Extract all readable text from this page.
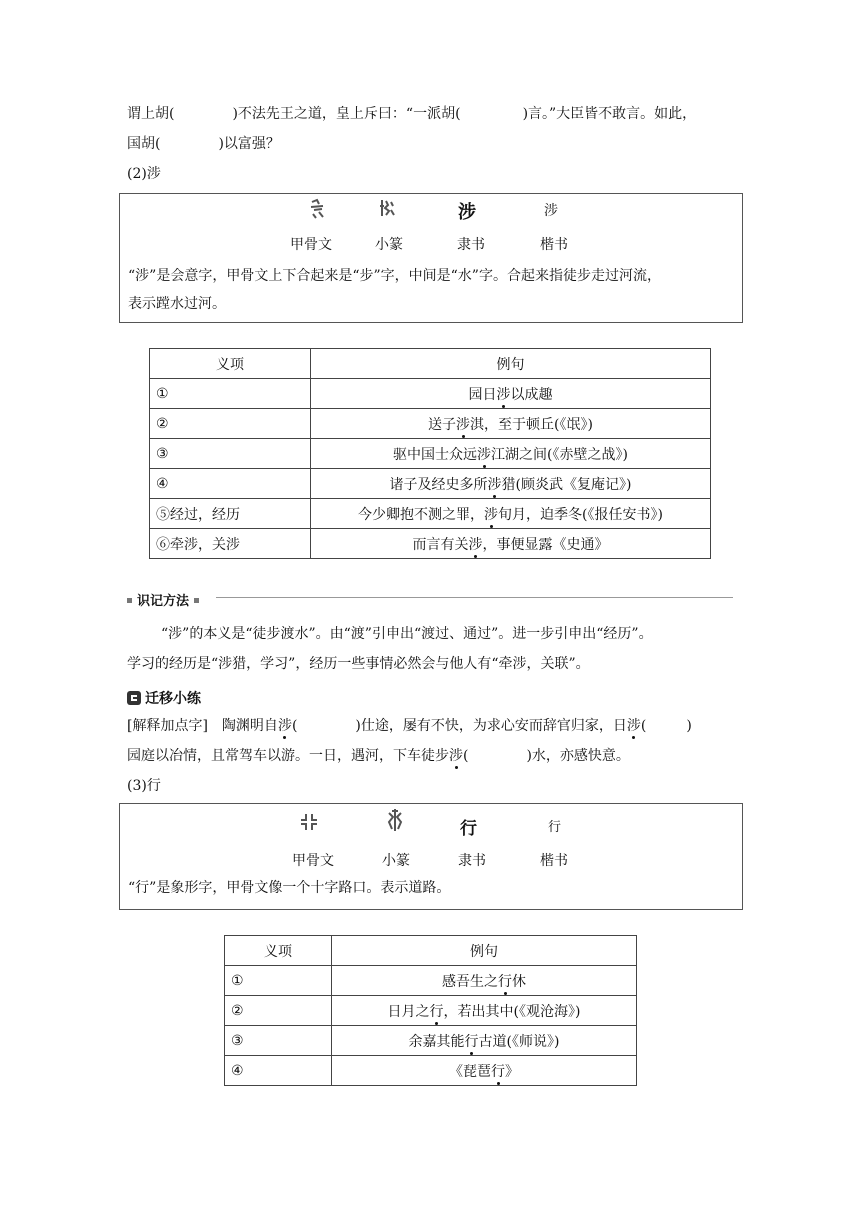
谓上胡(	)不法先王之道，皇上斥曰：“一派胡(	)言。”大臣皆不敢言。如此，
国胡(	)以富强？
(2)涉
涉	涉
甲骨文	小篆	隶书	楷书
“涉”是会意字，甲骨文上下合起来是“步”字，中间是“水”字。合起来指徒步走过河流，
表示蹚水过河。
义项	例句
①	园日涉以成趣
②	送子涉淇，至于顿丘(《氓》)
③	驱中国士众远涉江湖之间(《赤壁之战》)
④	诸子及经史多所涉猎(顾炎武《复庵记》)
⑤经过，经历	今少卿抱不测之罪，涉旬月，迫季冬(《报任安书》)
⑥牵涉，关涉	而言有关涉，事便显露《史通》
识记方法
“涉”的本义是“徒步渡水”。由“渡”引申出“渡过、通过”。进一步引申出“经历”。
学习的经历是“涉猎，学习”，经历一些事情必然会与他人有“牵涉，关联”。
迁移小练
[解释加点字]　陶渊明自涉(	)仕途，屡有不快，为求心安而辞官归家，日涉(	)
园庭以冶情，且常驾车以游。一日，遇河，下车徒步涉(	)水，亦感快意。
(3)行
行	行
甲骨文	小篆	隶书	楷书
“行”是象形字，甲骨文像一个十字路口。表示道路。
义项	例句
①	感吾生之行休
②	日月之行，若出其中(《观沧海》)
③	余嘉其能行古道(《师说》)
④	《琵琶行》
